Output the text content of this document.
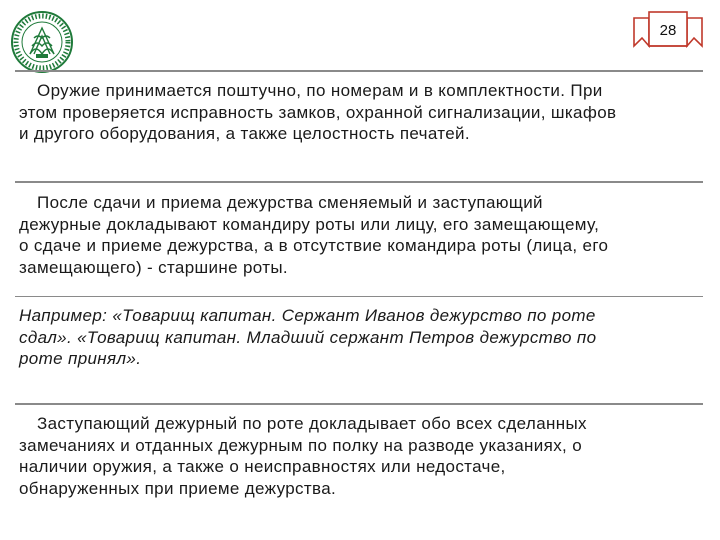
28
Оружие принимается поштучно, по номерам и в комплектности. При
этом проверяется исправность замков, охранной сигнализации, шкафов
и другого оборудования, а также целостность печатей.
После сдачи и приема дежурства сменяемый и заступающий
дежурные докладывают командиру роты или лицу, его замещающему,
о сдаче и приеме дежурства, а в отсутствие командира роты (лица, его
замещающего) - старшине роты.
Например: «Товарищ капитан. Сержант Иванов дежурство по роте
сдал». «Товарищ капитан. Младший сержант Петров дежурство по
роте принял».
Заступающий дежурный по роте докладывает обо всех сделанных
замечаниях и отданных дежурным по полку на разводе указаниях, о
наличии оружия, а также о неисправностях или недостаче,
обнаруженных при приеме дежурства.
